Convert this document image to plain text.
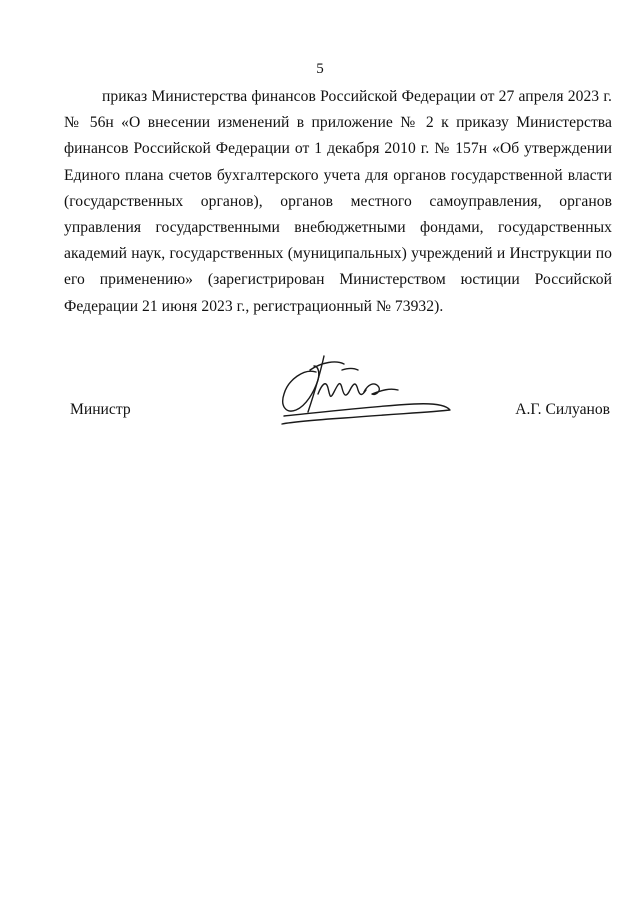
5

приказ Министерства финансов Российской Федерации от 27 апреля 2023 г. № 56н «О внесении изменений в приложение № 2 к приказу Министерства финансов Российской Федерации от 1 декабря 2010 г. № 157н «Об утверждении Единого плана счетов бухгалтерского учета для органов государственной власти (государственных органов), органов местного самоуправления, органов управления государственными внебюджетными фондами, государственных академий наук, государственных (муниципальных) учреждений и Инструкции по его применению» (зарегистрирован Министерством юстиции Российской Федерации 21 июня 2023 г., регистрационный № 73932).

Министр	А.Г. Силуанов
